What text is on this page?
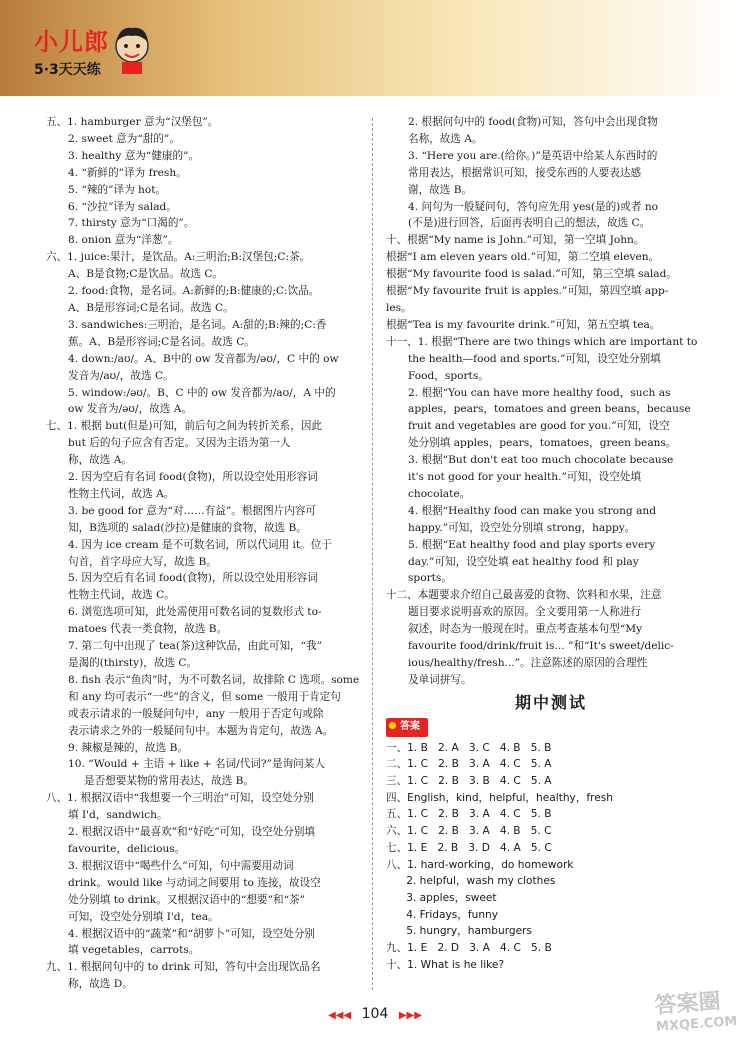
小儿郎
5·3天天练
五、1. hamburger 意为“汉堡包”。
2. sweet 意为“甜的”。
3. healthy 意为“健康的”。
4. “新鲜的”译为 fresh。
5. “辣的”译为 hot。
6. “沙拉”译为 salad。
7. thirsty 意为“口渴的”。
8. onion 意为“洋葱”。
六、1. juice:果汁，是饮品。A:三明治;B:汉堡包;C:茶。
A、B是食物;C是饮品。故选 C。
2. food:食物，是名词。A:新鲜的;B:健康的;C:饮品。
A、B是形容词;C是名词。故选 C。
3. sandwiches:三明治，是名词。A:甜的;B:辣的;C:香
蕉。A、B是形容词;C是名词。故选 C。
4. down:/aʊ/。A、B中的 ow 发音都为/əʊ/，C 中的 ow
发音为/aʊ/，故选 C。
5. window:/əʊ/。B、C 中的 ow 发音都为/aʊ/，A 中的
ow 发音为/əʊ/，故选 A。
七、1. 根据 but(但是)可知，前后句之间为转折关系，因此
but 后的句子应含有否定。又因为主语为第一人
称，故选 A。
2. 因为空后有名词 food(食物)，所以设空处用形容词
性物主代词，故选 A。
3. be good for 意为“对……有益”。根据图片内容可
知，B选项的 salad(沙拉)是健康的食物，故选 B。
4. 因为 ice cream 是不可数名词，所以代词用 it。位于
句首，首字母应大写，故选 B。
5. 因为空后有名词 food(食物)，所以设空处用形容词
性物主代词，故选 C。
6. 浏览选项可知，此处需使用可数名词的复数形式 to-
matoes 代表一类食物，故选 B。
7. 第二句中出现了 tea(茶)这种饮品，由此可知，“我”
是渴的(thirsty)，故选 C。
8. fish 表示“鱼肉”时，为不可数名词，故排除 C 选项。some
和 any 均可表示“一些”的含义，但 some 一般用于肯定句
或表示请求的一般疑问句中，any 一般用于否定句或除
表示请求之外的一般疑问句中。本题为肯定句，故选 A。
9. 辣椒是辣的，故选 B。
10. “Would + 主语 + like + 名词/代词?”是询问某人
是否想要某物的常用表达，故选 B。
八、1. 根据汉语中“我想要一个三明治”可知，设空处分别
填 I'd，sandwich。
2. 根据汉语中“最喜欢”和“好吃”可知，设空处分别填
favourite，delicious。
3. 根据汉语中“喝些什么”可知，句中需要用动词
drink。would like 与动词之间要用 to 连接，故设空
处分别填 to drink。又根据汉语中的“想要”和“茶”
可知，设空处分别填 I'd，tea。
4. 根据汉语中的“蔬菜”和“胡萝卜”可知，设空处分别
填 vegetables，carrots。
九、1. 根据问句中的 to drink 可知，答句中会出现饮品名
称，故选 D。
2. 根据问句中的 food(食物)可知，答句中会出现食物
名称，故选 A。
3. “Here you are.(给你。)”是英语中给某人东西时的
常用表达，根据常识可知，接受东西的人要表达感
谢，故选 B。
4. 问句为一般疑问句，答句应先用 yes(是的)或者 no
(不是)进行回答，后面再表明自己的想法，故选 C。
十、根据“My name is John.”可知，第一空填 John。
根据“I am eleven years old.”可知，第二空填 eleven。
根据“My favourite food is salad.”可知，第三空填 salad。
根据“My favourite fruit is apples.”可知，第四空填 app-
les。
根据“Tea is my favourite drink.”可知，第五空填 tea。
十一、1. 根据“There are two things which are important to
the health—food and sports.”可知，设空处分别填
Food，sports。
2. 根据“You can have more healthy food，such as
apples，pears，tomatoes and green beans，because
fruit and vegetables are good for you.”可知，设空
处分别填 apples，pears，tomatoes，green beans。
3. 根据“But don't eat too much chocolate because
it's not good for your health.”可知，设空处填
chocolate。
4. 根据“Healthy food can make you strong and
happy.”可知，设空处分别填 strong，happy。
5. 根据“Eat healthy food and play sports every
day.”可知，设空处填 eat healthy food 和 play
sports。
十二、本题要求介绍自己最喜爱的食物、饮料和水果，注意
题目要求说明喜欢的原因。全文要用第一人称进行
叙述，时态为一般现在时。重点考查基本句型“My
favourite food/drink/fruit is... ”和“It's sweet/delic-
ious/healthy/fresh...”。注意陈述的原因的合理性
及单词拼写。
期中测试
答案
一、1. B   2. A   3. C   4. B   5. B
二、1. C   2. B   3. A   4. C   5. A
三、1. C   2. B   3. B   4. C   5. A
四、English，kind，helpful，healthy，fresh
五、1. C   2. B   3. A   4. C   5. B
六、1. C   2. B   3. A   4. B   5. C
七、1. E   2. B   3. D   4. A   5. C
八、1. hard-working，do homework
2. helpful，wash my clothes
3. apples，sweet
4. Fridays，funny
5. hungry，hamburgers
九、1. E   2. D   3. A   4. C   5. B
十、1. What is he like?
◀◀◀ 104 ▶▶▶	答案圈
MXQE.COM
